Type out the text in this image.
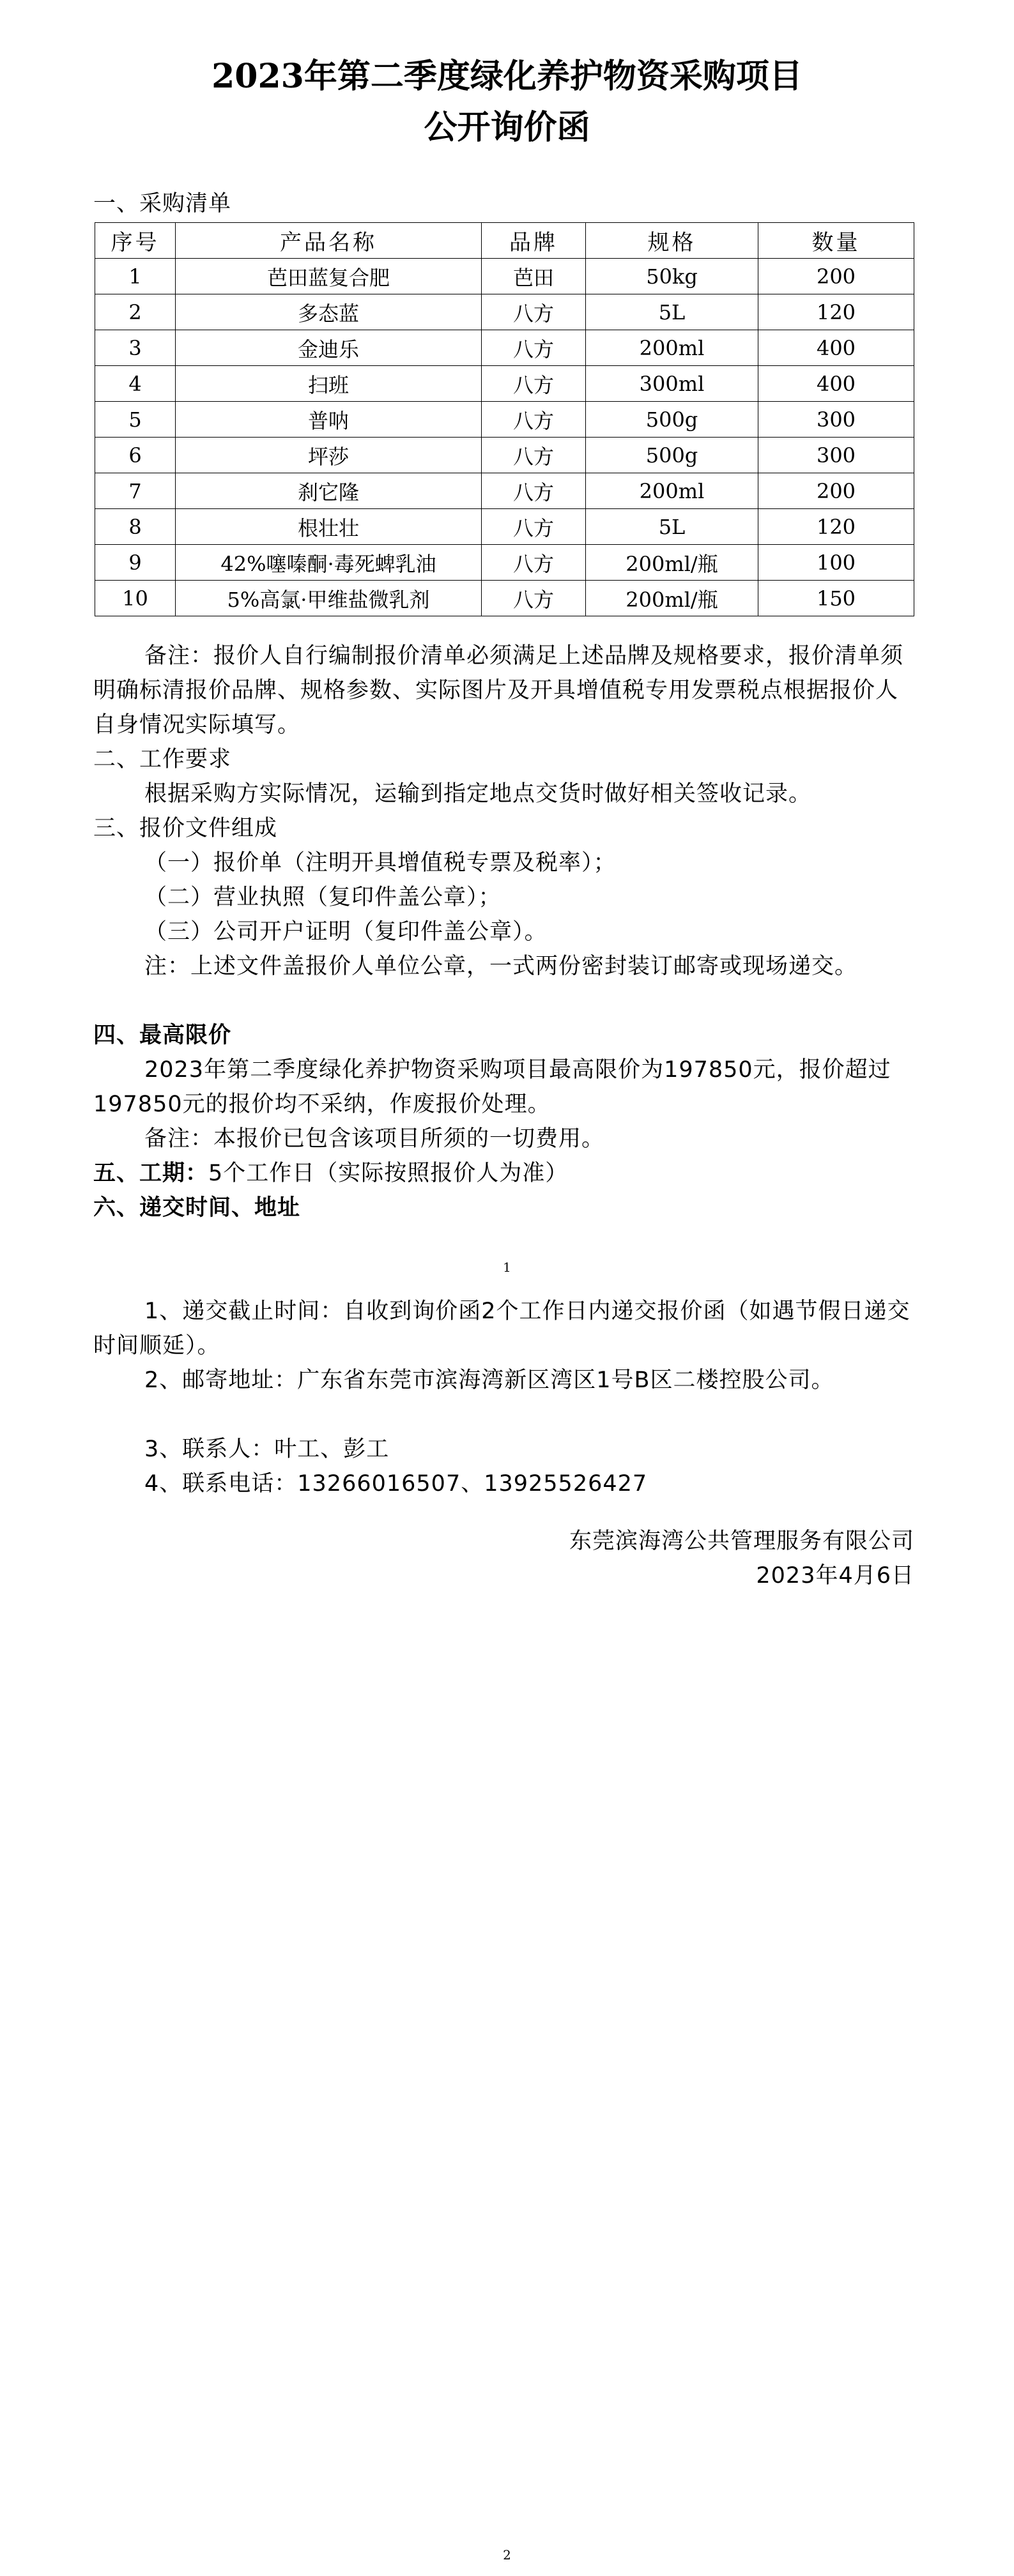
2023年第二季度绿化养护物资采购项目
公开询价函
一、采购清单
序号	产品名称	品牌	规格	数量
1	芭田蓝复合肥	芭田	50kg	200
2	多态蓝	八方	5L	120
3	金迪乐	八方	200ml	400
4	扫班	八方	300ml	400
5	普呐	八方	500g	300
6	坪莎	八方	500g	300
7	刹它隆	八方	200ml	200
8	根壮壮	八方	5L	120
9	42%噻嗪酮·毒死蜱乳油	八方	200ml/瓶	100
10	5%高氯·甲维盐微乳剂	八方	200ml/瓶	150
备注：报价人自行编制报价清单必须满足上述品牌及规格要求，报价清单须明确标清报价品牌、规格参数、实际图片及开具增值税专用发票税点根据报价人自身情况实际填写。
二、工作要求
根据采购方实际情况，运输到指定地点交货时做好相关签收记录。
三、报价文件组成
（一）报价单（注明开具增值税专票及税率）；
（二）营业执照（复印件盖公章）；
（三）公司开户证明（复印件盖公章）。
注：上述文件盖报价人单位公章，一式两份密封装订邮寄或现场递交。
四、最高限价
2023年第二季度绿化养护物资采购项目最高限价为197850元，报价超过197850元的报价均不采纳，作废报价处理。
备注：本报价已包含该项目所须的一切费用。
五、工期：5个工作日（实际按照报价人为准）
六、递交时间、地址
1
1、递交截止时间：自收到询价函2个工作日内递交报价函（如遇节假日递交时间顺延）。
2、邮寄地址：广东省东莞市滨海湾新区湾区1号B区二楼控股公司。
3、联系人：叶工、彭工
4、联系电话：13266016507、13925526427
东莞滨海湾公共管理服务有限公司
2023年4月6日
2
